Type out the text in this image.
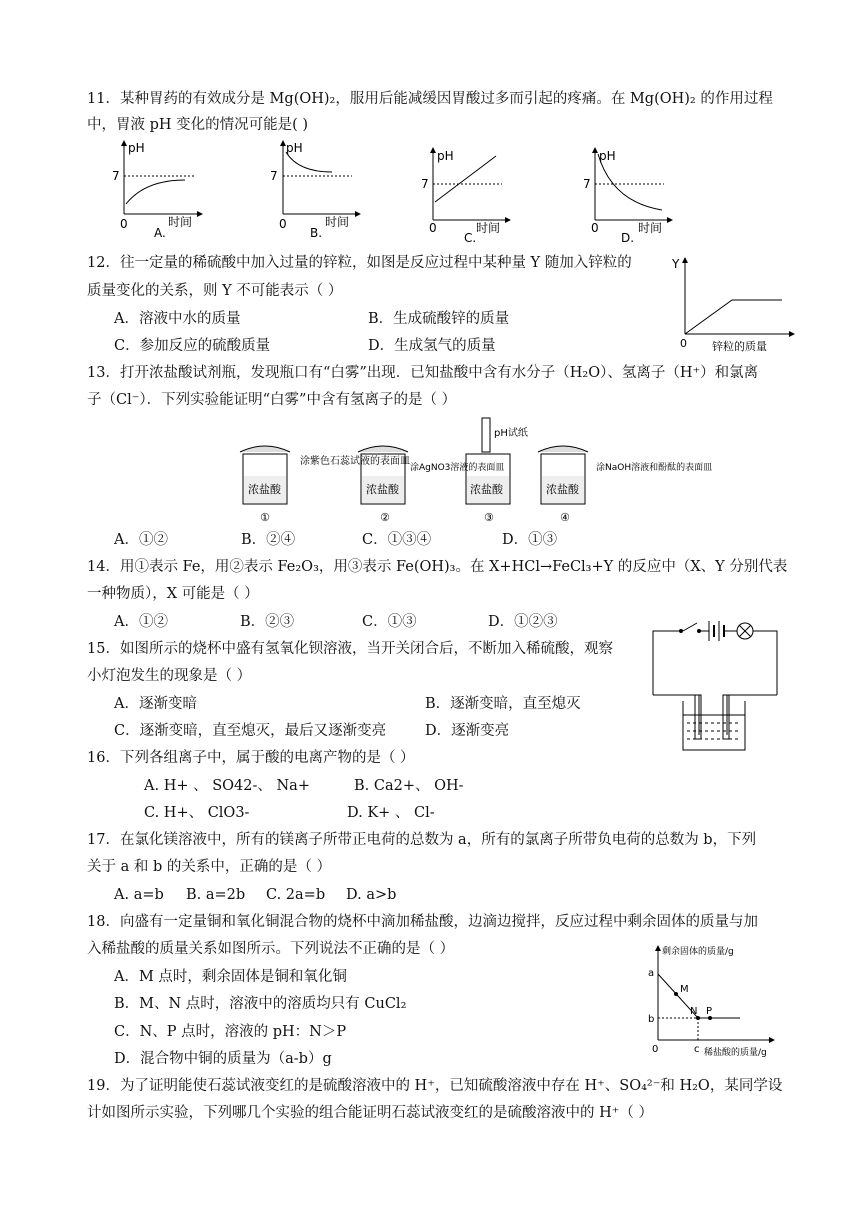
11．某种胃药的有效成分是 Mg(OH)₂，服用后能减缓因胃酸过多而引起的疼痛。在 Mg(OH)₂ 的作用过程
中，胃液 pH 变化的情况可能是( )
pH
7
0	时间
A.
pH
7
0	时间
B.
pH
7
0	时间
C.
pH
7
0	时间
D.
12．往一定量的稀硫酸中加入过量的锌粒，如图是反应过程中某种量 Y 随加入锌粒的
质量变化的关系，则 Y 不可能表示（ ）
A．溶液中水的质量	B．生成硫酸锌的质量
C．参加反应的硫酸质量	D．生成氢气的质量
Y
0 锌粒的质量
13．打开浓盐酸试剂瓶，发现瓶口有“白雾”出现．已知盐酸中含有水分子（H₂O）、氢离子（H⁺）和氯离
子（Cl⁻）．下列实验能证明“白雾”中含有氢离子的是（ ）
浓盐酸
涂紫色石蕊试液的表面皿
①
浓盐酸
涂AgNO3溶液的表面皿
②
pH试纸
浓盐酸
③
浓盐酸
涂NaOH溶液和酚酞的表面皿
④
A．①②	B．②④	C．①③④	D．①③
14．用①表示 Fe，用②表示 Fe₂O₃，用③表示 Fe(OH)₃。在 X+HCl→FeCl₃+Y 的反应中（X、Y 分别代表
一种物质），X 可能是（ ）
A．①②	B．②③	C．①③	D．①②③
15．如图所示的烧杯中盛有氢氧化钡溶液，当开关闭合后，不断加入稀硫酸，观察
小灯泡发生的现象是（ ）
A．逐渐变暗	B．逐渐变暗，直至熄灭
C．逐渐变暗，直至熄灭，最后又逐渐变亮	D．逐渐变亮
16．下列各组离子中，属于酸的电离产物的是（ ）
A. H+ 、 SO42-、 Na+	B. Ca2+、 OH-
C. H+、 ClO3-	D. K+ 、 Cl-
17．在氯化镁溶液中，所有的镁离子所带正电荷的总数为 a，所有的氯离子所带负电荷的总数为 b，下列
关于 a 和 b 的关系中，正确的是（ ）
A. a=b B. a=2b C. 2a=b D. a>b
18．向盛有一定量铜和氧化铜混合物的烧杯中滴加稀盐酸，边滴边搅拌，反应过程中剩余固体的质量与加
入稀盐酸的质量关系如图所示。下列说法不正确的是（ ）
A．M 点时，剩余固体是铜和氧化铜
B．M、N 点时，溶液中的溶质均只有 CuCl₂
C．N、P 点时，溶液的 pH：N＞P
D．混合物中铜的质量为（a-b）g
剩余固体的质量/g
a
b
M
N P
0	c 稀盐酸的质量/g
19．为了证明能使石蕊试液变红的是硫酸溶液中的 H⁺，已知硫酸溶液中存在 H⁺、SO₄²⁻和 H₂O，某同学设
计如图所示实验，下列哪几个实验的组合能证明石蕊试液变红的是硫酸溶液中的 H⁺（ ）
